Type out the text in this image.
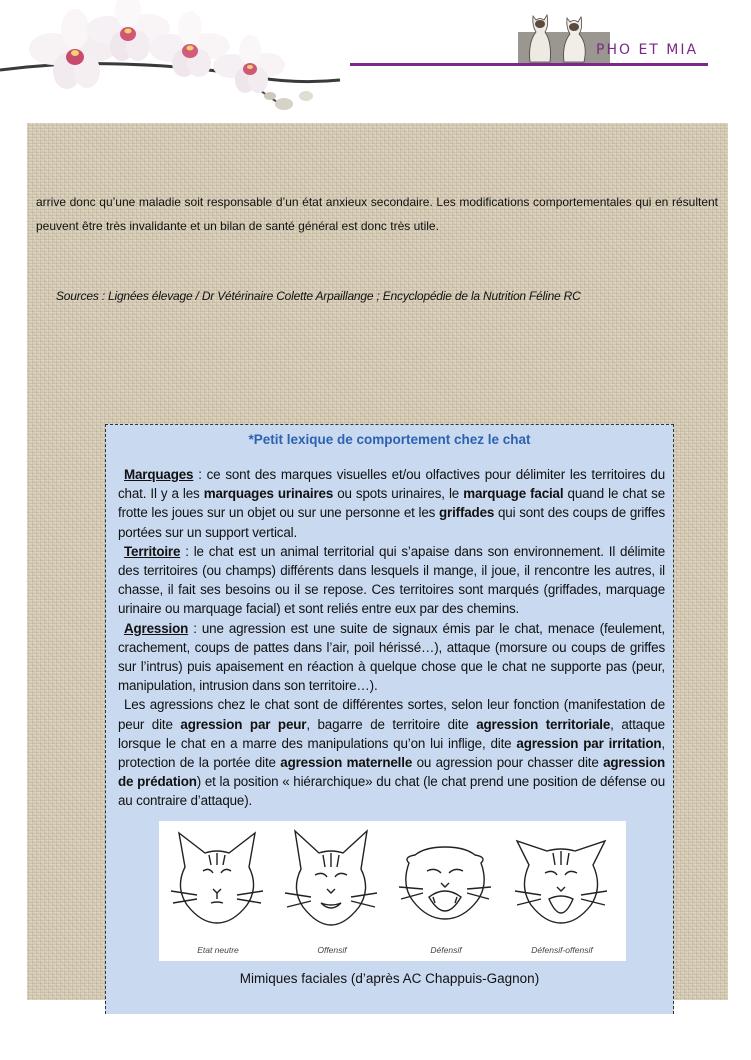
PHO ET MIA
arrive donc qu’une maladie soit responsable d’un état anxieux secondaire. Les modifications comportementales qui en résultent peuvent être très invalidante et un bilan de santé général est donc très utile.
Sources : Lignées élevage / Dr Vétérinaire Colette Arpaillange ; Encyclopédie de la Nutrition Féline RC
*Petit lexique de comportement chez le chat

Marquages : ce sont des marques visuelles et/ou olfactives pour délimiter les territoires du chat. Il y a les marquages urinaires ou spots urinaires, le marquage facial quand le chat se frotte les joues sur un objet ou sur une personne et les griffades qui sont des coups de griffes portées sur un support vertical.

Territoire : le chat est un animal territorial qui s’apaise dans son environnement. Il délimite des territoires (ou champs) différents dans lesquels il mange, il joue, il rencontre les autres, il chasse, il fait ses besoins ou il se repose. Ces territoires sont marqués (griffades, marquage urinaire ou marquage facial) et sont reliés entre eux par des chemins.

Agression : une agression est une suite de signaux émis par le chat, menace (feulement, crachement, coups de pattes dans l’air, poil hérissé…), attaque (morsure ou coups de griffes sur l’intrus) puis apaisement en réaction à quelque chose que le chat ne supporte pas (peur, manipulation, intrusion dans son territoire…).

Les agressions chez le chat sont de différentes sortes, selon leur fonction (manifestation de peur dite agression par peur, bagarre de territoire dite agression territoriale, attaque lorsque le chat en a marre des manipulations qu’on lui inflige, dite agression par irritation, protection de la portée dite agression maternelle ou agression pour chasser dite agression de prédation) et la position « hiérarchique» du chat (le chat prend une position de défense ou au contraire d’attaque).

Etat neutre	Offensif	Défensif	Défensif-offensif
Mimiques faciales (d’après AC Chappuis-Gagnon)
